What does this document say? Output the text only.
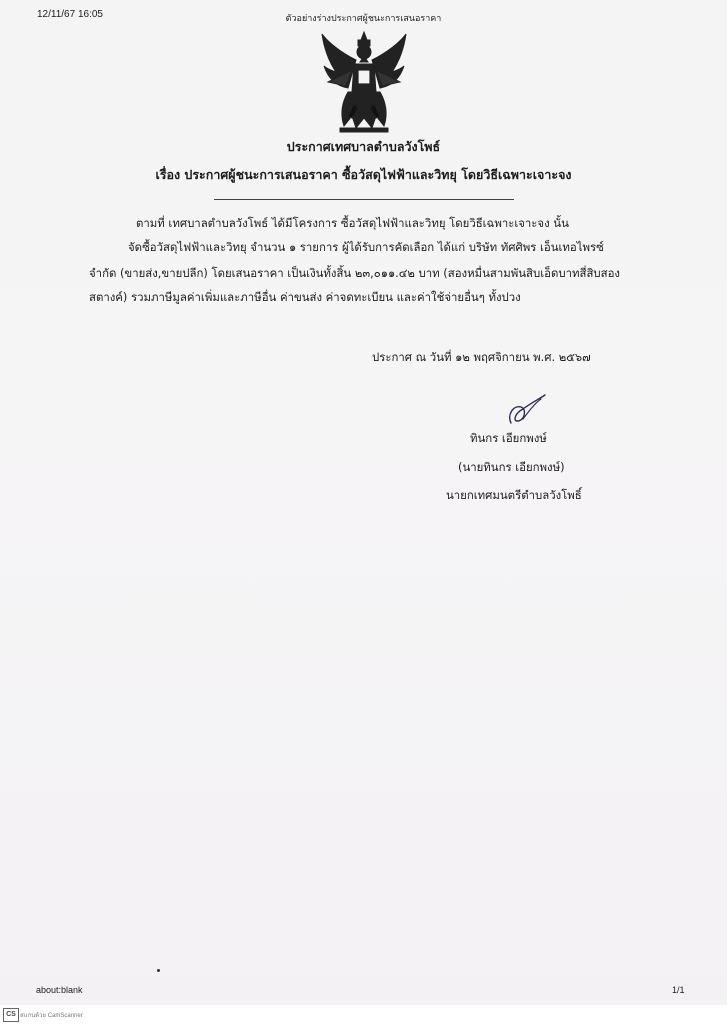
12/11/67 16:05	ตัวอย่างร่างประกาศผู้ชนะการเสนอราคา
ประกาศเทศบาลตำบลวังโพธ์
เรื่อง ประกาศผู้ชนะการเสนอราคา ซื้อวัสดุไฟฟ้าและวิทยุ โดยวิธีเฉพาะเจาะจง
ตามที่ เทศบาลตำบลวังโพธ์ ได้มีโครงการ ซื้อวัสดุไฟฟ้าและวิทยุ โดยวิธีเฉพาะเจาะจง นั้น
จัดซื้อวัสดุไฟฟ้าและวิทยุ จำนวน ๑ รายการ ผู้ได้รับการคัดเลือก ได้แก่ บริษัท ทัศศิพร เอ็นเทอไพรซ์
จำกัด (ขายส่ง,ขายปลีก) โดยเสนอราคา เป็นเงินทั้งสิ้น ๒๓,๐๑๑.๔๒ บาท (สองหมื่นสามพันสิบเอ็ดบาทสี่สิบสอง
สตางค์) รวมภาษีมูลค่าเพิ่มและภาษีอื่น ค่าขนส่ง ค่าจดทะเบียน และค่าใช้จ่ายอื่นๆ ทั้งปวง
ประกาศ ณ วันที่ ๑๒ พฤศจิกายน พ.ศ. ๒๕๖๗
ทินกร เอียกพงษ์
(นายทินกร เอียกพงษ์)
นายกเทศมนตรีตำบลวังโพธิ์
about:blank	1/1
CS สแกนด้วย CamScanner
